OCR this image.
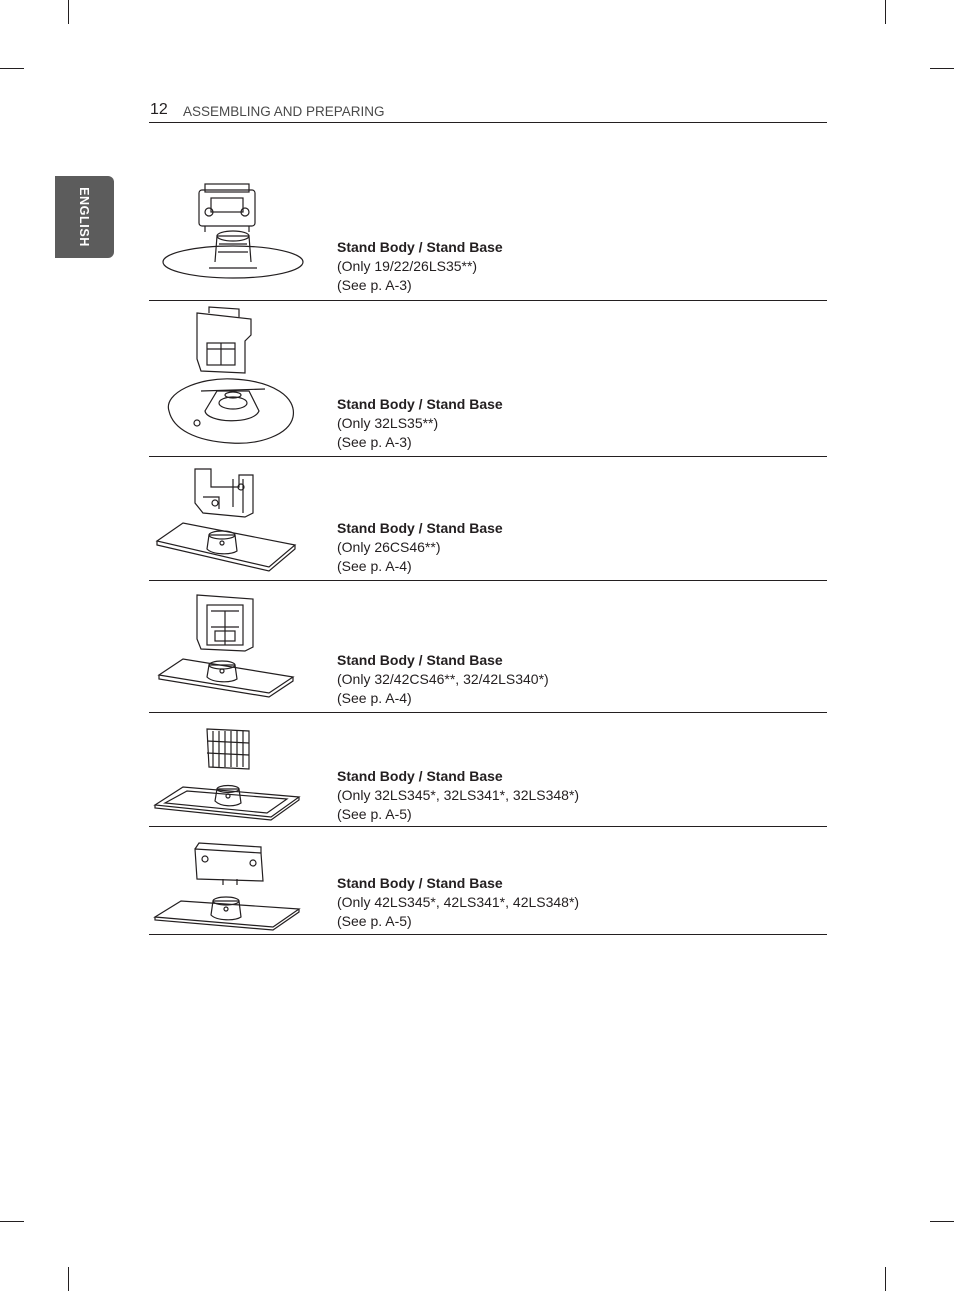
12 ASSEMBLING AND PREPARING
ENGLISH
Stand Body / Stand Base
(Only 19/22/26LS35**)
(See p. A-3)
Stand Body / Stand Base
(Only 32LS35**)
(See p. A-3)
Stand Body / Stand Base
(Only 26CS46**)
(See p. A-4)
Stand Body / Stand Base
(Only 32/42CS46**, 32/42LS340*)
(See p. A-4)
Stand Body / Stand Base
(Only 32LS345*, 32LS341*, 32LS348*)
(See p. A-5)
Stand Body / Stand Base
(Only 42LS345*, 42LS341*, 42LS348*)
(See p. A-5)
